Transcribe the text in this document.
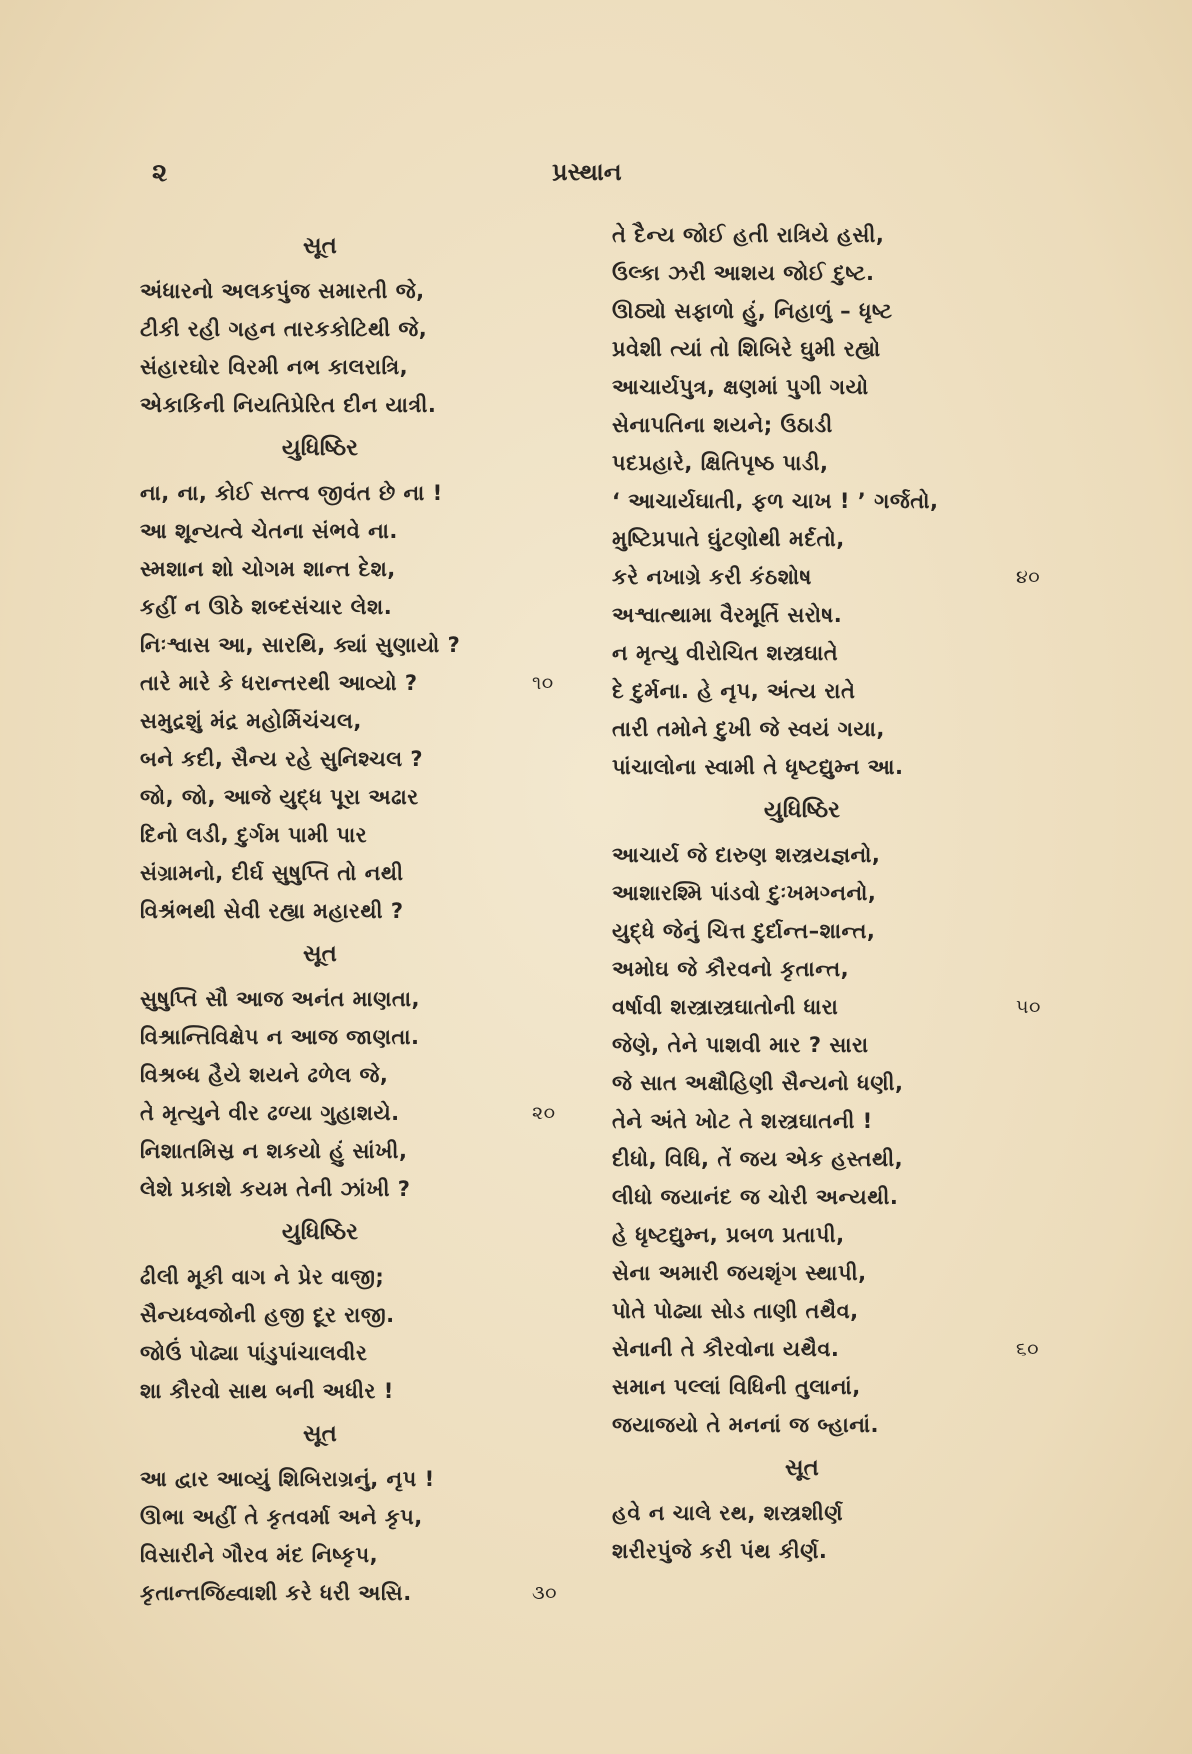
૨	પ્રસ્થાન
સૂત
અંધારનો અલકપુંજ સમારતી જે,
ટીકી રહી ગહન તારકકોટિથી જે,
સંહારઘોર વિરમી નભ કાલરાત્રિ,
એકાકિની નિયતિપ્રેરિત દીન યાત્રી.
યુધિષ્ઠિર
ના, ના, કોઈ સત્ત્વ જીવંત છે ના !
આ શૂન્યત્વે ચેતના સંભવે ના.
સ્મશાન શો ચોગમ શાન્ત દેશ,
કહીં ન ઊઠે શબ્દસંચાર લેશ.
નિઃશ્વાસ આ, સારથિ, ક્યાં સુણાયો ?
તારે મારે કે ધરાન્તરથી આવ્યો ?	૧૦
સમુદ્રશું મંદ્ર મહોર્મિચંચલ,
બને કદી, સૈન્ય રહે સુનિશ્ચલ ?
જો, જો, આજે યુદ્ધ પૂરા અઢાર
દિનો લડી, દુર્ગમ પામી પાર
સંગ્રામનો, દીર્ઘ સુષુપ્તિ તો નથી
વિશ્રંભથી સેવી રહ્યા મહારથી ?
સૂત
સુષુપ્તિ સૌ આજ અનંત માણતા,
વિશ્રાન્તિવિક્ષેપ ન આજ જાણતા.
વિશ્રબ્ધ હૈયે શયને ઢળેલ જે,
તે મૃત્યુને વીર ઢળ્યા ગુહાશયે.	૨૦
નિશાતમિસ્ર ન શકયો હું સાંખી,
લેશે પ્રકાશે કયમ તેની ઝાંખી ?
યુધિષ્ઠિર
ઢીલી મૂકી વાગ ને પ્રેર વાજી;
સૈન્યધ્વજોની હજી દૂર રાજી.
જોઉં પોઢ્યા પાંડુપાંચાલવીર
શા કૌરવો સાથ બની અધીર !
સૂત
આ દ્વાર આવ્યું શિબિરાગ્રનું, નૃપ !
ઊભા અહીં તે કૃતવર્મા અને કૃપ,
વિસારીને ગૌરવ મંદ નિષ્કૃપ,
કૃતાન્તજિહ્વાશી કરે ધરી અસિ.	૩૦
તે દૈન્ય જોઈ હતી રાત્રિયે હસી,
ઉલ્કા ઝરી આશય જોઈ દુષ્ટ.
ઊઠ્યો સફાળો હું, નિહાળું – ધૃષ્ટ
પ્રવેશી ત્યાં તો શિબિરે ઘુમી રહ્યો
આચાર્યપુત્ર, ક્ષણમાં પુગી ગયો
સેનાપતિના શયને; ઉઠાડી
પદપ્રહારે, ક્ષિતિપૃષ્ઠ પાડી,
‘ આચાર્યઘાતી, ફળ ચાખ ! ’ ગર્જતો,
મુષ્ટિપ્રપાતે ઘુંટણોથી મર્દતો,
કરે નખાગ્રે કરી કંઠશોષ	૪૦
અશ્વાત્થામા વૈરમૂર્તિ સરોષ.
ન મૃત્યુ વીરોચિત શસ્ત્રઘાતે
દે દુર્મના. હે નૃપ, અંત્ય રાતે
તારી તમોને દુખી જે સ્વયં ગયા,
પાંચાલોના સ્વામી તે ધૃષ્ટદ્યુમ્ન આ.
યુધિષ્ઠિર
આચાર્ય જે દારુણ શસ્ત્રયજ્ઞનો,
આશારશ્મિ પાંડવો દુઃખમગ્નનો,
યુદ્ધે જેનું ચિત્ત દુર્દાન્ત–શાન્ત,
અમોઘ જે કૌરવનો કૃતાન્ત,
વર્ષાવી શસ્ત્રાસ્ત્રઘાતોની ધારા	૫૦
જેણે, તેને પાશવી માર ? સારા
જે સાત અક્ષૌહિણી સૈન્યનો ધણી,
તેને અંતે ખોટ તે શસ્ત્રઘાતની !
દીધો, વિધિ, તેં જય એક હસ્તથી,
લીધો જયાનંદ જ ચોરી અન્યથી.
હે ધૃષ્ટદ્યુમ્ન, પ્રબળ પ્રતાપી,
સેના અમારી જયશૃંગ સ્થાપી,
પોતે પોઢ્યા સોડ તાણી તથૈવ,
સેનાની તે કૌરવોના યથૈવ.	૬૦
સમાન પલ્લાં વિધિની તુલાનાં,
જયાજયો તે મનનાં જ બ્હાનાં.
સૂત
હવે ન ચાલે રથ, શસ્ત્રશીર્ણ
શરીરપુંજે કરી પંથ કીર્ણ.
